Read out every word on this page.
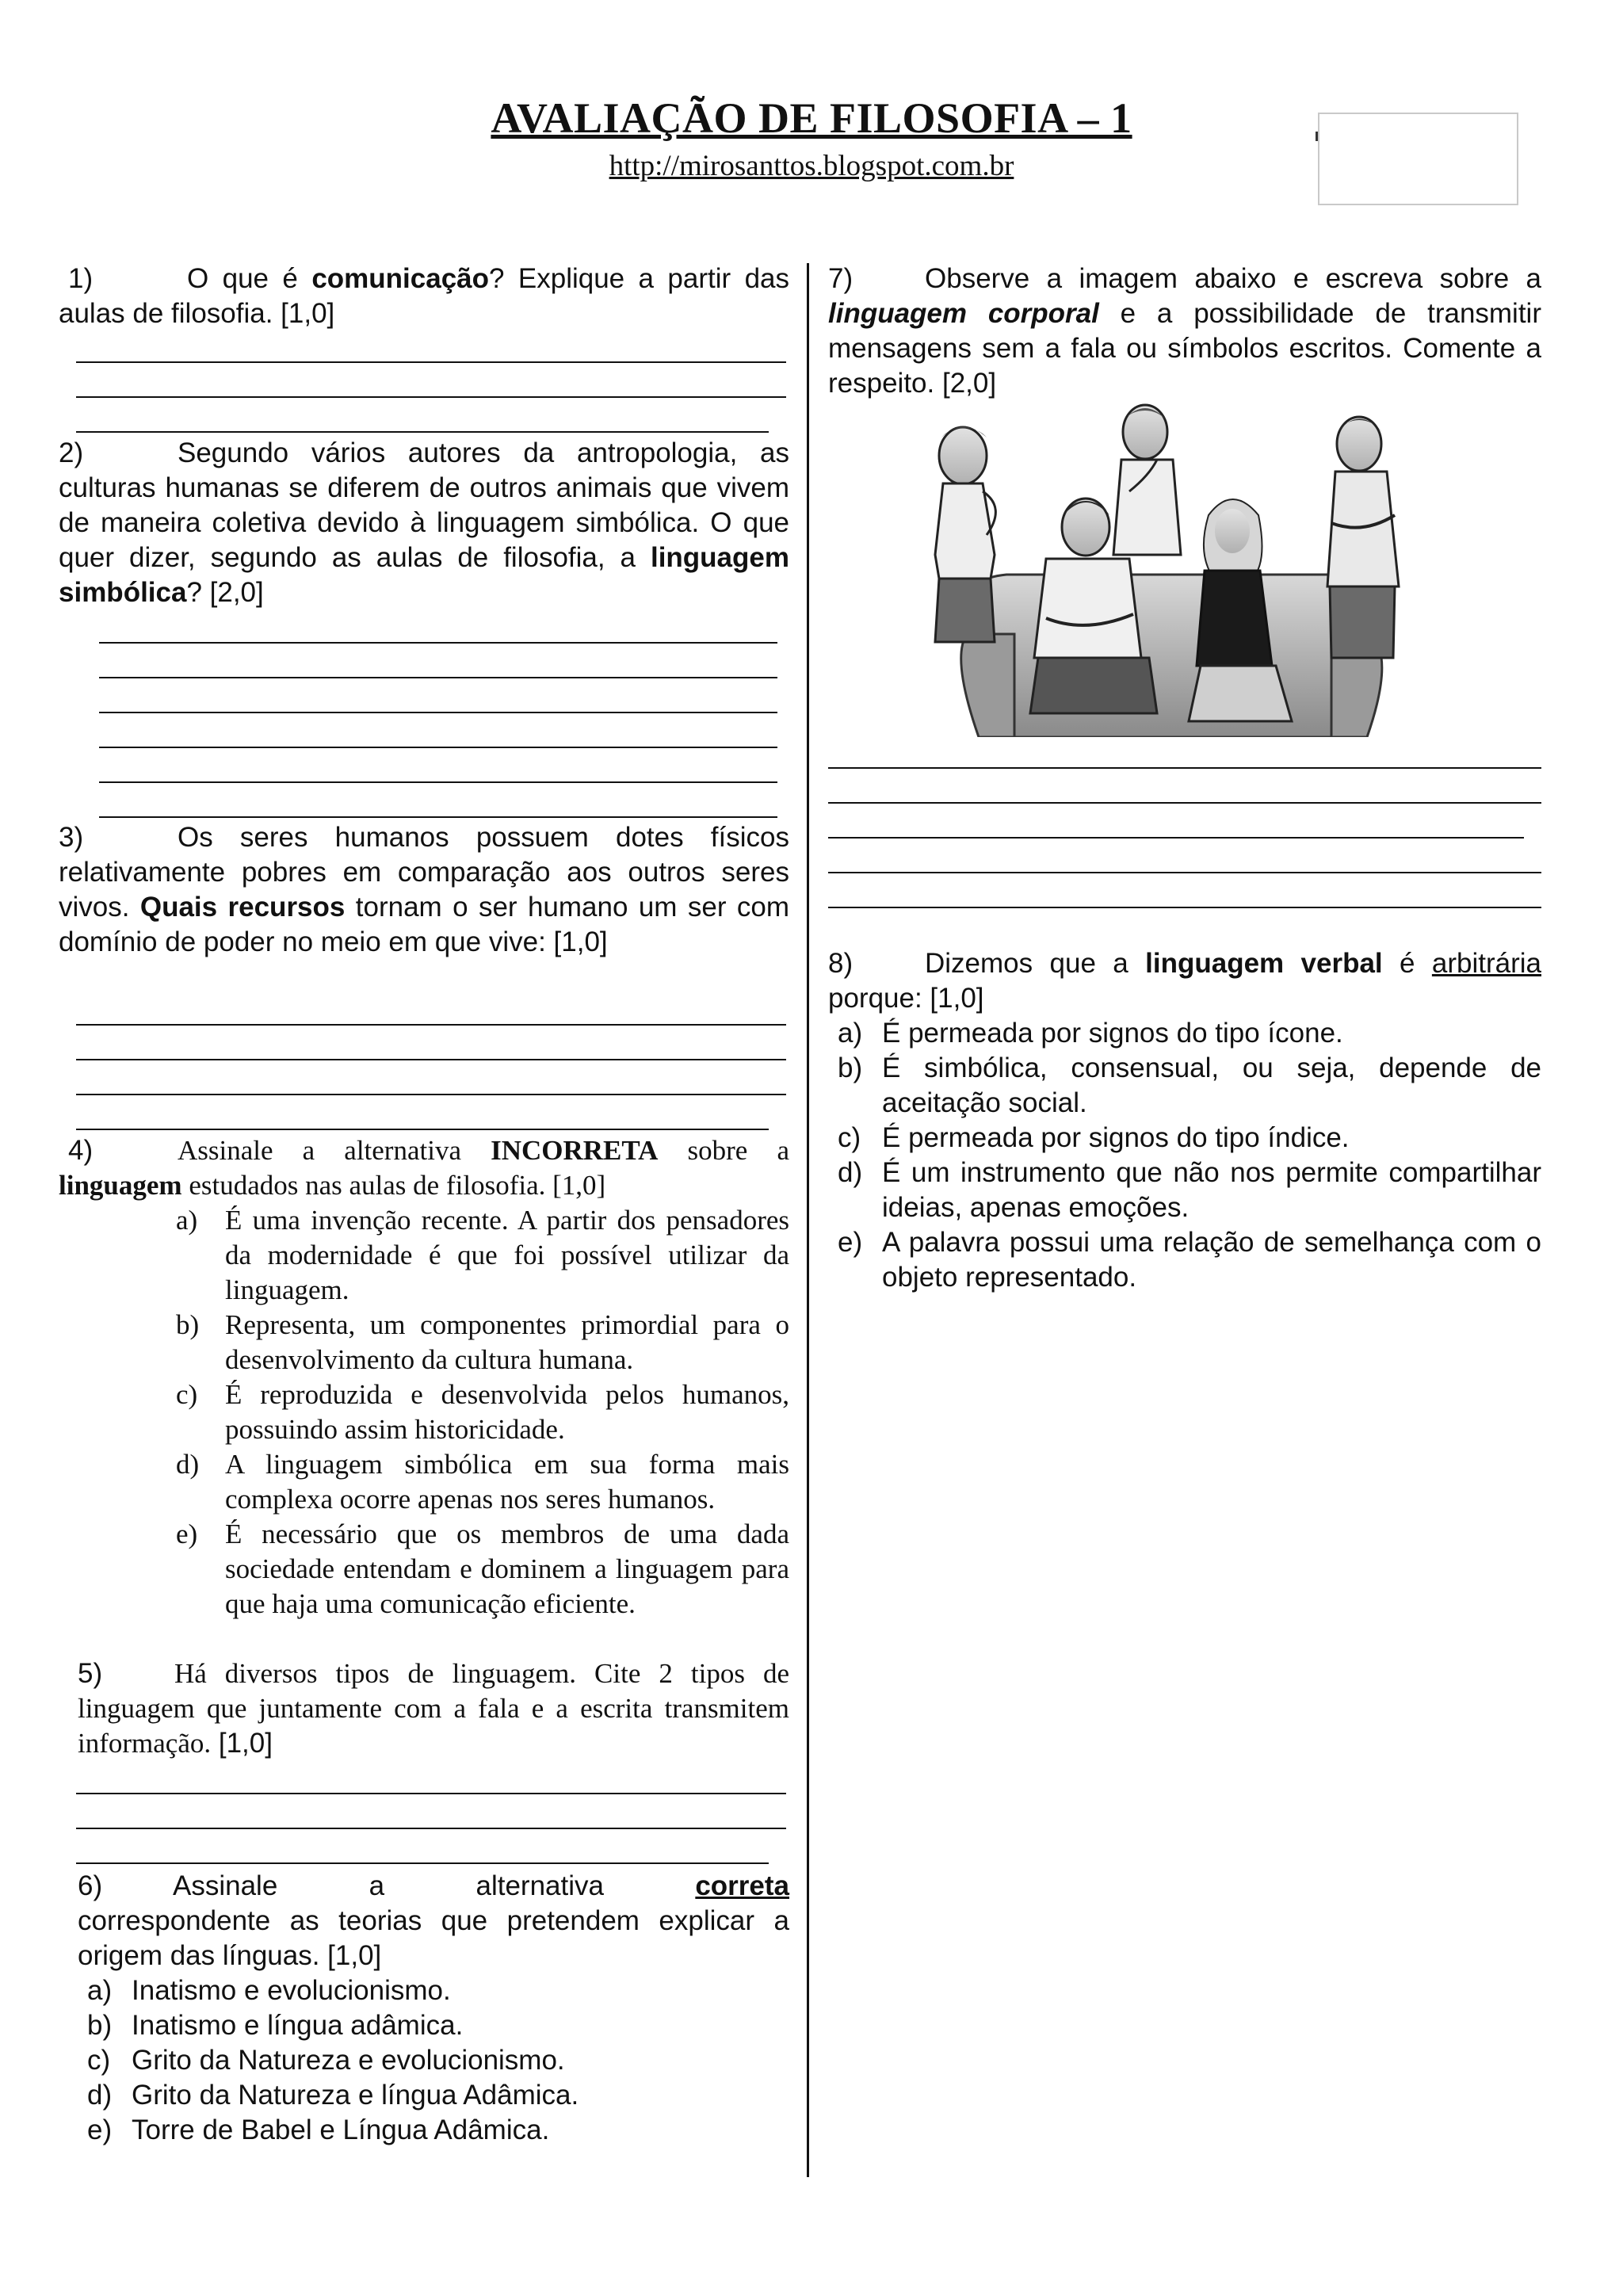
AVALIAÇÃO DE FILOSOFIA – 1
http://mirosanttos.blogspot.com.br

1)	O que é comunicação? Explique a partir das aulas de filosofia. [1,0]

2)	Segundo vários autores da antropologia, as culturas humanas se diferem de outros animais que vivem de maneira coletiva devido à linguagem simbólica. O que quer dizer, segundo as aulas de filosofia, a linguagem simbólica? [2,0]

3)	Os seres humanos possuem dotes físicos relativamente pobres em comparação aos outros seres vivos. Quais recursos tornam o ser humano um ser com domínio de poder no meio em que vive: [1,0]

4)	Assinale a alternativa INCORRETA sobre a linguagem estudados nas aulas de filosofia. [1,0]

a) É uma invenção recente. A partir dos pensadores da modernidade é que foi possível utilizar da linguagem.
b) Representa, um componentes primordial para o desenvolvimento da cultura humana.
c) É reproduzida e desenvolvida pelos humanos, possuindo assim historicidade.
d) A linguagem simbólica em sua forma mais complexa ocorre apenas nos seres humanos.
e) É necessário que os membros de uma dada sociedade entendam e dominem a linguagem para que haja uma comunicação eficiente.

5)	Há diversos tipos de linguagem. Cite 2 tipos de linguagem que juntamente com a fala e a escrita transmitem informação. [1,0]

6)	Assinale a alternativa correta correspondente as teorias que pretendem explicar a origem das línguas. [1,0]

a) Inatismo e evolucionismo.
b) Inatismo e língua adâmica.
c) Grito da Natureza e evolucionismo.
d) Grito da Natureza e língua Adâmica.
e) Torre de Babel e Língua Adâmica.

7)	Observe a imagem abaixo e escreva sobre a linguagem corporal e a possibilidade de transmitir mensagens sem a fala ou símbolos escritos. Comente a respeito. [2,0]

8)	Dizemos que a linguagem verbal é arbitrária porque: [1,0]

a) É permeada por signos do tipo ícone.
b) É simbólica, consensual, ou seja, depende de aceitação social.
c) É permeada por signos do tipo índice.
d) É um instrumento que não nos permite compartilhar ideias, apenas emoções.
e) A palavra possui uma relação de semelhança com o objeto representado.
